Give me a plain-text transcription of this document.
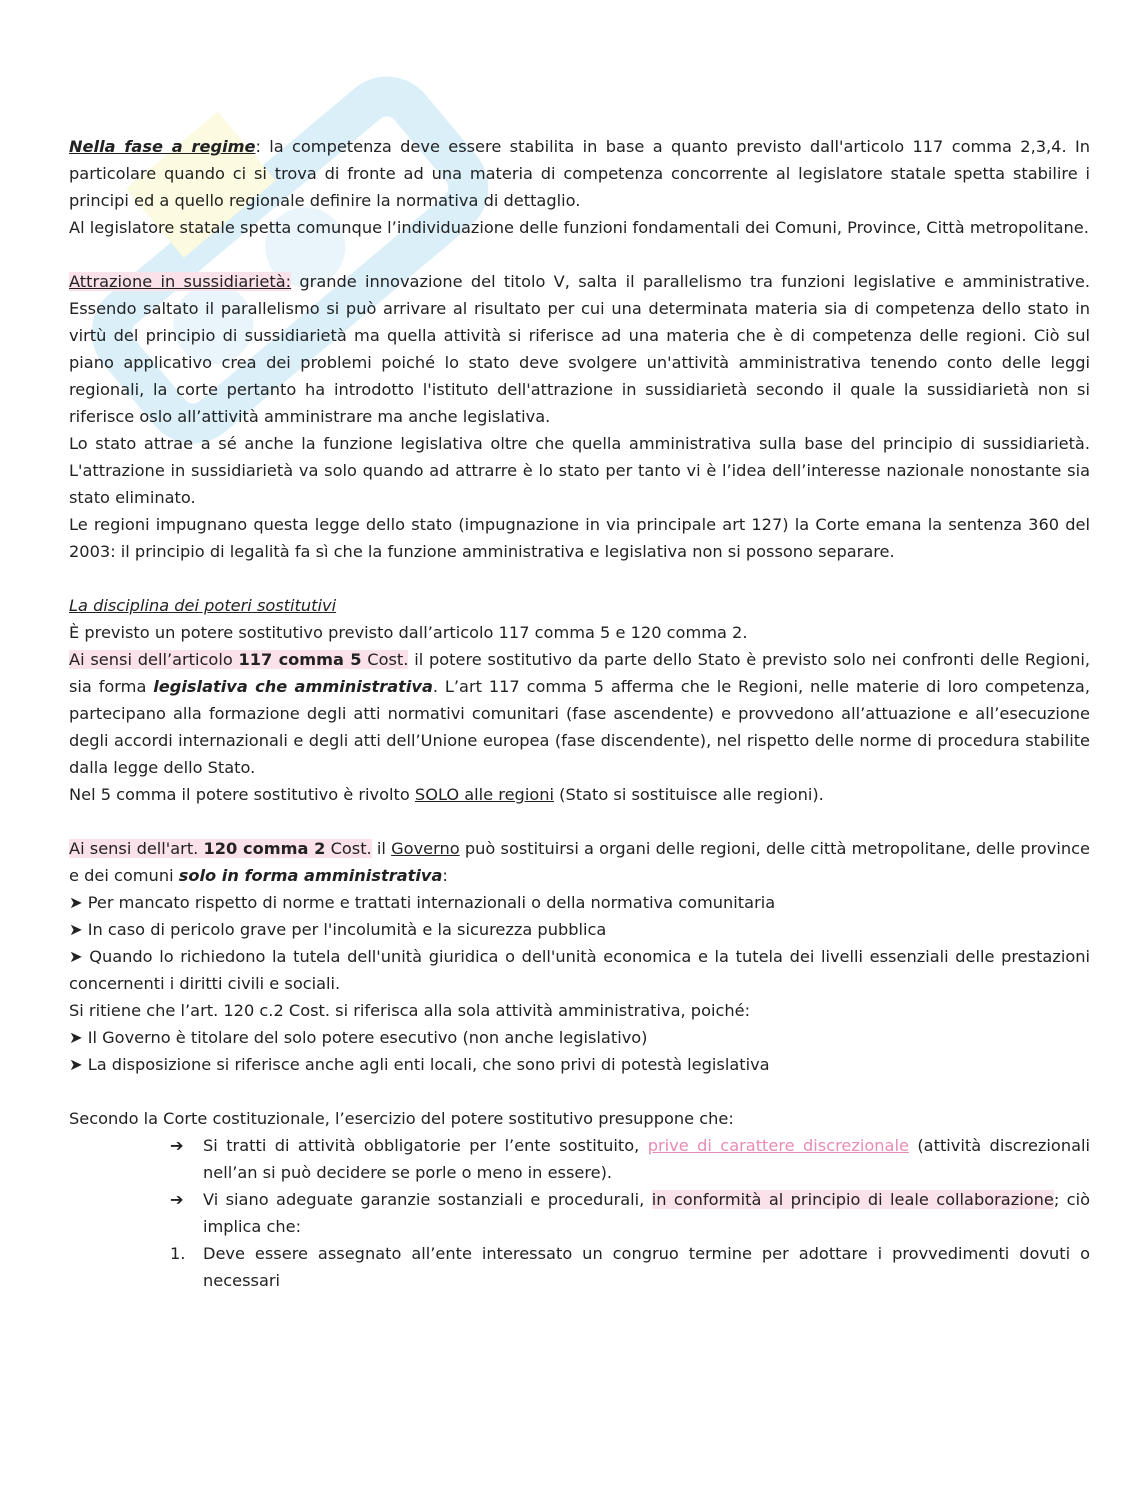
Nella fase a regime: la competenza deve essere stabilita in base a quanto previsto dall'articolo 117 comma 2,3,4. In particolare quando ci si trova di fronte ad una materia di competenza concorrente al legislatore statale spetta stabilire i principi ed a quello regionale definire la normativa di dettaglio.

Al legislatore statale spetta comunque l’individuazione delle funzioni fondamentali dei Comuni, Province, Città metropolitane.

Attrazione in sussidiarietà: grande innovazione del titolo V, salta il parallelismo tra funzioni legislative e amministrative. Essendo saltato il parallelismo si può arrivare al risultato per cui una determinata materia sia di competenza dello stato in virtù del principio di sussidiarietà ma quella attività si riferisce ad una materia che è di competenza delle regioni. Ciò sul piano applicativo crea dei problemi poiché lo stato deve svolgere un'attività amministrativa tenendo conto delle leggi regionali, la corte pertanto ha introdotto l'istituto dell'attrazione in sussidiarietà secondo il quale la sussidiarietà non si riferisce oslo all’attività amministrare ma anche legislativa.

Lo stato attrae a sé anche la funzione legislativa oltre che quella amministrativa sulla base del principio di sussidiarietà. L'attrazione in sussidiarietà va solo quando ad attrarre è lo stato per tanto vi è l’idea dell’interesse nazionale nonostante sia stato eliminato.

Le regioni impugnano questa legge dello stato (impugnazione in via principale art 127) la Corte emana la sentenza 360 del 2003: il principio di legalità fa sì che la funzione amministrativa e legislativa non si possono separare.

La disciplina dei poteri sostitutivi

È previsto un potere sostitutivo previsto dall’articolo 117 comma 5 e 120 comma 2.

Ai sensi dell’articolo 117 comma 5 Cost. il potere sostitutivo da parte dello Stato è previsto solo nei confronti delle Regioni, sia forma legislativa che amministrativa. L’art 117 comma 5 afferma che le Regioni, nelle materie di loro competenza, partecipano alla formazione degli atti normativi comunitari (fase ascendente) e provvedono all’attuazione e all’esecuzione degli accordi internazionali e degli atti dell’Unione europea (fase discendente), nel rispetto delle norme di procedura stabilite dalla legge dello Stato.

Nel 5 comma il potere sostitutivo è rivolto SOLO alle regioni (Stato si sostituisce alle regioni).

Ai sensi dell'art. 120 comma 2 Cost. il Governo può sostituirsi a organi delle regioni, delle città metropolitane, delle province e dei comuni solo in forma amministrativa:

➤ Per mancato rispetto di norme e trattati internazionali o della normativa comunitaria

➤ In caso di pericolo grave per l'incolumità e la sicurezza pubblica

➤ Quando lo richiedono la tutela dell'unità giuridica o dell'unità economica e la tutela dei livelli essenziali delle prestazioni concernenti i diritti civili e sociali.

Si ritiene che l’art. 120 c.2 Cost. si riferisca alla sola attività amministrativa, poiché:

➤ Il Governo è titolare del solo potere esecutivo (non anche legislativo)

➤ La disposizione si riferisce anche agli enti locali, che sono privi di potestà legislativa

Secondo la Corte costituzionale, l’esercizio del potere sostitutivo presuppone che:

➔ Si tratti di attività obbligatorie per l’ente sostituito, prive di carattere discrezionale (attività discrezionali nell’an si può decidere se porle o meno in essere).
➔ Vi siano adeguate garanzie sostanziali e procedurali, in conformità al principio di leale collaborazione; ciò implica che:
1. Deve essere assegnato all’ente interessato un congruo termine per adottare i provvedimenti dovuti o necessari
